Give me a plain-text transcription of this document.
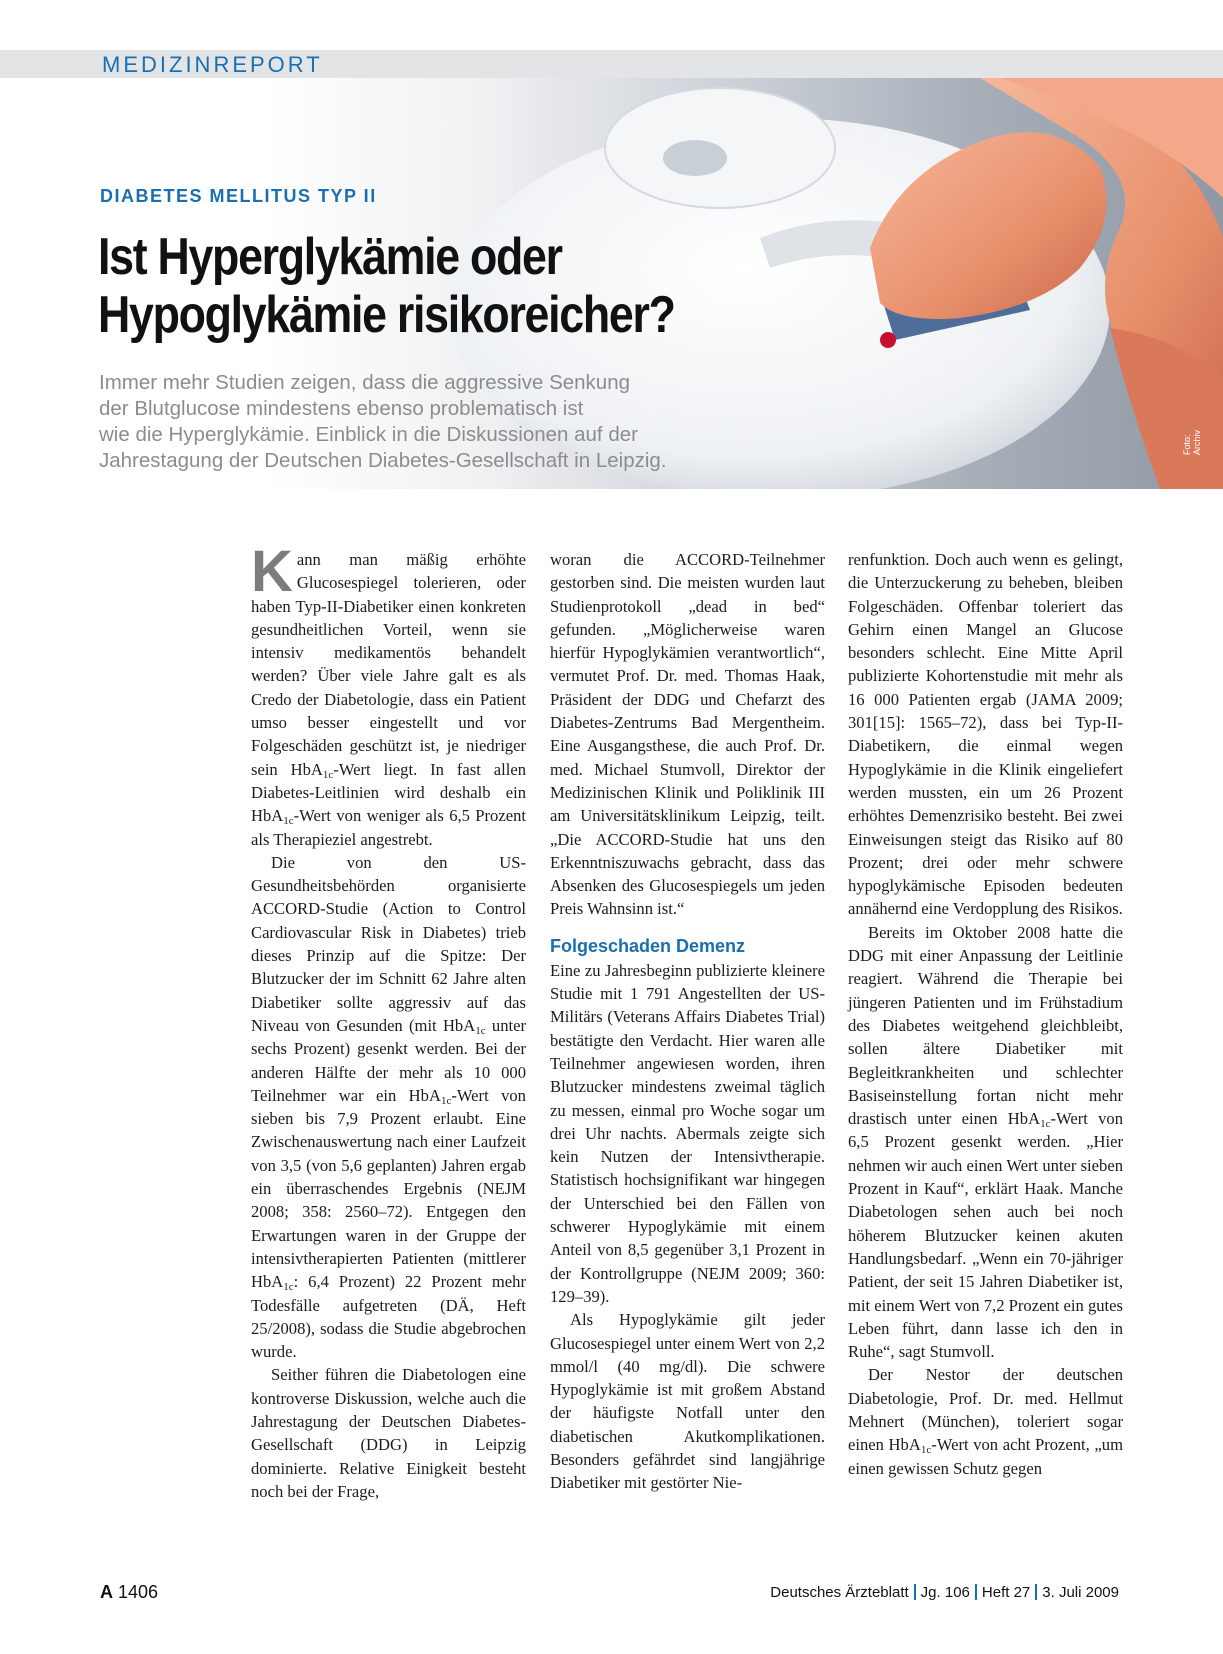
MEDIZINREPORT
Foto: Archiv
DIABETES MELLITUS TYP II
Ist Hyperglykämie oder
Hypoglykämie risikoreicher?
Immer mehr Studien zeigen, dass die aggressive Senkung
der Blutglucose mindestens ebenso problematisch ist
wie die Hyperglykämie. Einblick in die Diskussionen auf der
Jahrestagung der Deutschen Diabetes-Gesellschaft in Leipzig.

Kann man mäßig erhöhte Glucosespiegel tolerieren, oder haben Typ-II-Diabetiker einen konkreten gesundheitlichen Vorteil, wenn sie intensiv medikamentös behandelt werden? Über viele Jahre galt es als Credo der Diabetologie, dass ein Patient umso besser eingestellt und vor Folgeschäden geschützt ist, je niedriger sein HbA$_{1c}$-Wert liegt. In fast allen Diabetes-Leitlinien wird deshalb ein HbA$_{1c}$-Wert von weniger als 6,5 Prozent als Therapieziel angestrebt.

Die von den US-Gesundheitsbehörden organisierte ACCORD-Studie (Action to Control Cardiovascular Risk in Diabetes) trieb dieses Prinzip auf die Spitze: Der Blutzucker der im Schnitt 62 Jahre alten Diabetiker sollte aggressiv auf das Niveau von Gesunden (mit HbA$_{1c}$ unter sechs Prozent) gesenkt werden. Bei der anderen Hälfte der mehr als 10 000 Teilnehmer war ein HbA$_{1c}$-Wert von sieben bis 7,9 Prozent erlaubt. Eine Zwischenauswertung nach einer Laufzeit von 3,5 (von 5,6 geplanten) Jahren ergab ein überraschendes Ergebnis (NEJM 2008; 358: 2560–72). Entgegen den Erwartungen waren in der Gruppe der intensivtherapierten Patienten (mittlerer HbA$_{1c}$: 6,4 Prozent) 22 Prozent mehr Todesfälle aufgetreten (DÄ, Heft 25/2008), sodass die Studie abgebrochen wurde.

Seither führen die Diabetologen eine kontroverse Diskussion, welche auch die Jahrestagung der Deutschen Diabetes-Gesellschaft (DDG) in Leipzig dominierte. Relative Einigkeit besteht noch bei der Frage,

woran die ACCORD-Teilnehmer gestorben sind. Die meisten wurden laut Studienprotokoll „dead in bed“ gefunden. „Möglicherweise waren hierfür Hypoglykämien verantwortlich“, vermutet Prof. Dr. med. Thomas Haak, Präsident der DDG und Chefarzt des Diabetes-Zentrums Bad Mergentheim. Eine Ausgangsthese, die auch Prof. Dr. med. Michael Stumvoll, Direktor der Medizinischen Klinik und Poliklinik III am Universitätsklinikum Leipzig, teilt. „Die ACCORD-Studie hat uns den Erkenntniszuwachs gebracht, dass das Absenken des Glucosespiegels um jeden Preis Wahnsinn ist.“

Folgeschaden Demenz

Eine zu Jahresbeginn publizierte kleinere Studie mit 1 791 Angestellten der US-Militärs (Veterans Affairs Diabetes Trial) bestätigte den Verdacht. Hier waren alle Teilnehmer angewiesen worden, ihren Blutzucker mindestens zweimal täglich zu messen, einmal pro Woche sogar um drei Uhr nachts. Abermals zeigte sich kein Nutzen der Intensivtherapie. Statistisch hochsignifikant war hingegen der Unterschied bei den Fällen von schwerer Hypoglykämie mit einem Anteil von 8,5 gegenüber 3,1 Prozent in der Kontrollgruppe (NEJM 2009; 360: 129–39).

Als Hypoglykämie gilt jeder Glucosespiegel unter einem Wert von 2,2 mmol/l (40 mg/dl). Die schwere Hypoglykämie ist mit großem Abstand der häufigste Notfall unter den diabetischen Akutkomplikationen. Besonders gefährdet sind langjährige Diabetiker mit gestörter Nie-

renfunktion. Doch auch wenn es gelingt, die Unterzuckerung zu beheben, bleiben Folgeschäden. Offenbar toleriert das Gehirn einen Mangel an Glucose besonders schlecht. Eine Mitte April publizierte Kohortenstudie mit mehr als 16 000 Patienten ergab (JAMA 2009; 301[15]: 1565–72), dass bei Typ-II-Diabetikern, die einmal wegen Hypoglykämie in die Klinik eingeliefert werden mussten, ein um 26 Prozent erhöhtes Demenzrisiko besteht. Bei zwei Einweisungen steigt das Risiko auf 80 Prozent; drei oder mehr schwere hypoglykämische Episoden bedeuten annähernd eine Verdopplung des Risikos.

Bereits im Oktober 2008 hatte die DDG mit einer Anpassung der Leitlinie reagiert. Während die Therapie bei jüngeren Patienten und im Frühstadium des Diabetes weitgehend gleichbleibt, sollen ältere Diabetiker mit Begleitkrankheiten und schlechter Basiseinstellung fortan nicht mehr drastisch unter einen HbA$_{1c}$-Wert von 6,5 Prozent gesenkt werden. „Hier nehmen wir auch einen Wert unter sieben Prozent in Kauf“, erklärt Haak. Manche Diabetologen sehen auch bei noch höherem Blutzucker keinen akuten Handlungsbedarf. „Wenn ein 70-jähriger Patient, der seit 15 Jahren Diabetiker ist, mit einem Wert von 7,2 Prozent ein gutes Leben führt, dann lasse ich den in Ruhe“, sagt Stumvoll.

Der Nestor der deutschen Diabetologie, Prof. Dr. med. Hellmut Mehnert (München), toleriert sogar einen HbA$_{1c}$-Wert von acht Prozent, „um einen gewissen Schutz gegen

A 1406	Deutsches Ärzteblatt Jg. 106 Heft 27 3. Juli 2009
